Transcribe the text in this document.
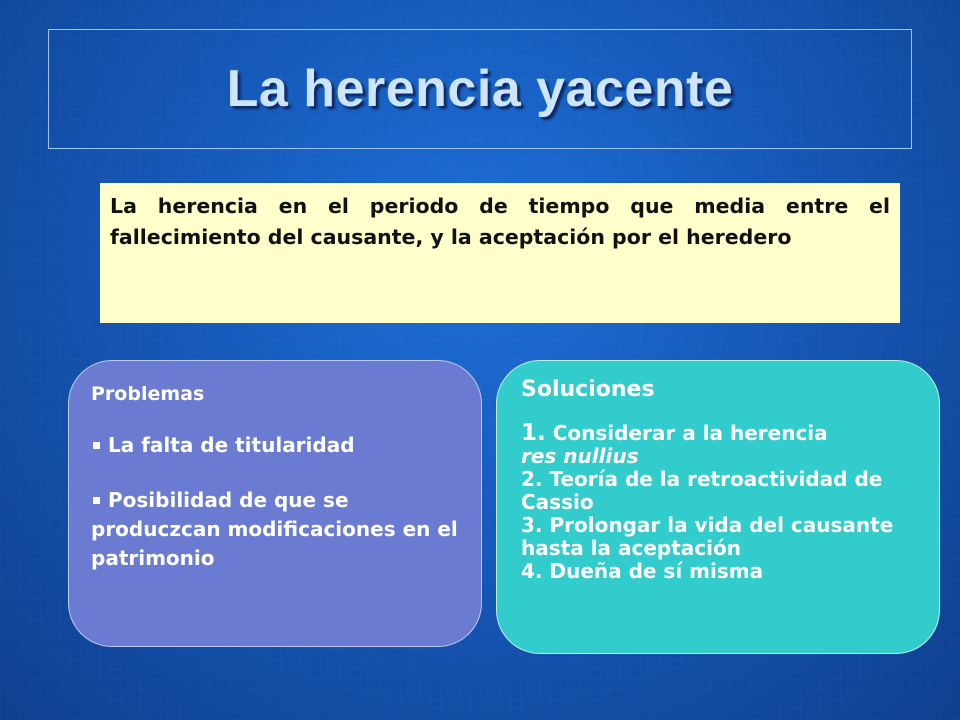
La herencia yacente

La herencia en el periodo de tiempo que media entre el fallecimiento del causante, y la aceptación por el heredero

Problemas
La falta de titularidad
Posibilidad de que se produczcan modificaciones en el patrimonio
Soluciones
1. Considerar a la herencia
res nullius
2. Teoría de la retroactividad de Cassio
3. Prolongar la vida del causante hasta la aceptación
4. Dueña de sí misma
